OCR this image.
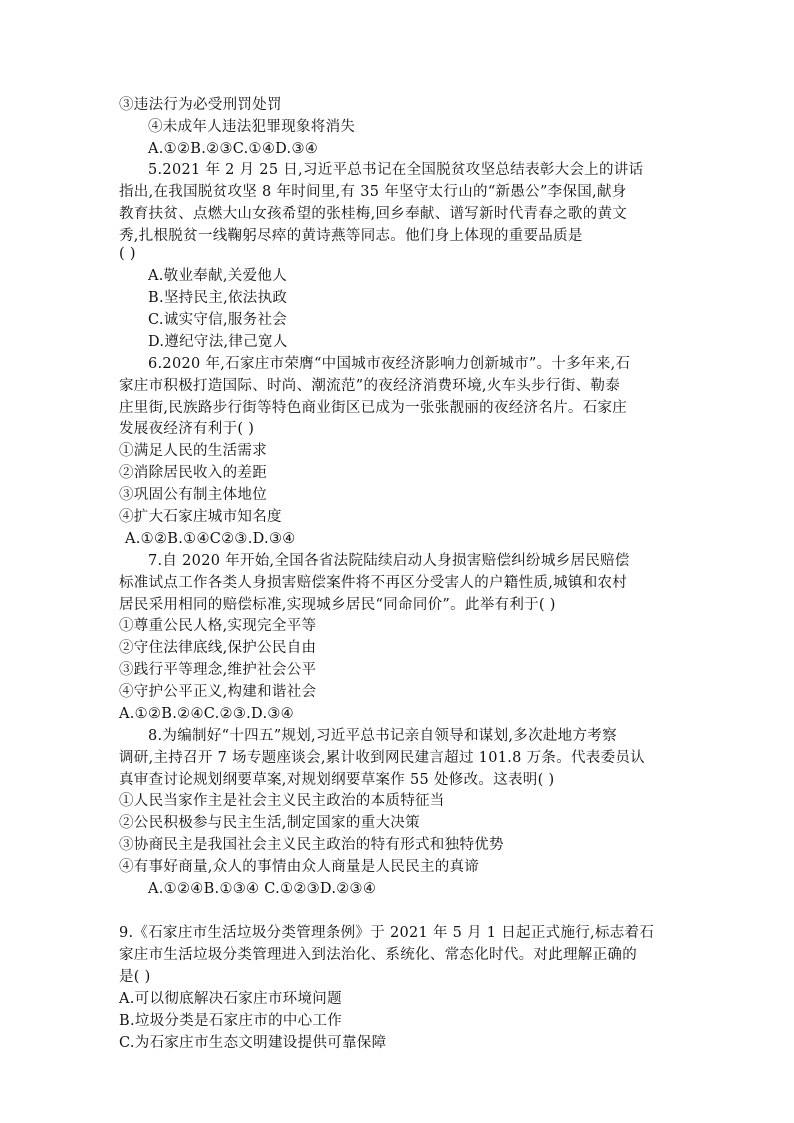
③违法行为必受刑罚处罚
④未成年人违法犯罪现象将消失
A.①②B.②③C.①④D.③④
5.2021 年 2 月 25 日,习近平总书记在全国脱贫攻坚总结表彰大会上的讲话
指出,在我国脱贫攻坚 8 年时间里,有 35 年坚守太行山的“新愚公”李保国,献身
教育扶贫、点燃大山女孩希望的张桂梅,回乡奉献、谱写新时代青春之歌的黄文
秀,扎根脱贫一线鞠躬尽瘁的黄诗燕等同志。他们身上体现的重要品质是
( )
A.敬业奉献,关爱他人
B.坚持民主,依法执政
C.诚实守信,服务社会
D.遵纪守法,律己宽人
6.2020 年,石家庄市荣膺“中国城市夜经济影响力创新城市”。十多年来,石
家庄市积极打造国际、时尚、潮流范”的夜经济消费环境,火车头步行街、勒泰
庄里街,民族路步行街等特色商业街区已成为一张张靓丽的夜经济名片。石家庄
发展夜经济有利于( )
①满足人民的生活需求
②消除居民收入的差距
③巩固公有制主体地位
④扩大石家庄城市知名度
A.①②B.①④C②③.D.③④
7.自 2020 年开始,全国各省法院陆续启动人身损害赔偿纠纷城乡居民赔偿
标准试点工作各类人身损害赔偿案件将不再区分受害人的户籍性质,城镇和农村
居民采用相同的赔偿标准,实现城乡居民“同命同价”。此举有利于( )
①尊重公民人格,实现完全平等
②守住法律底线,保护公民自由
③践行平等理念,维护社会公平
④守护公平正义,构建和谐社会
A.①②B.②④C.②③.D.③④
8.为编制好“十四五”规划,习近平总书记亲自领导和谋划,多次赴地方考察
调研,主持召开 7 场专题座谈会,累计收到网民建言超过 101.8 万条。代表委员认
真审查讨论规划纲要草案,对规划纲要草案作 55 处修改。这表明( )
①人民当家作主是社会主义民主政治的本质特征当
②公民积极参与民主生活,制定国家的重大决策
③协商民主是我国社会主义民主政治的特有形式和独特优势
④有事好商量,众人的事情由众人商量是人民民主的真谛
A.①②④B.①③④ C.①②③D.②③④
9.《石家庄市生活垃圾分类管理条例》于 2021 年 5 月 1 日起正式施行,标志着石
家庄市生活垃圾分类管理进入到法治化、系统化、常态化时代。对此理解正确的
是( )
A.可以彻底解决石家庄市环境问题
B.垃圾分类是石家庄市的中心工作
C.为石家庄市生态文明建设提供可靠保障
